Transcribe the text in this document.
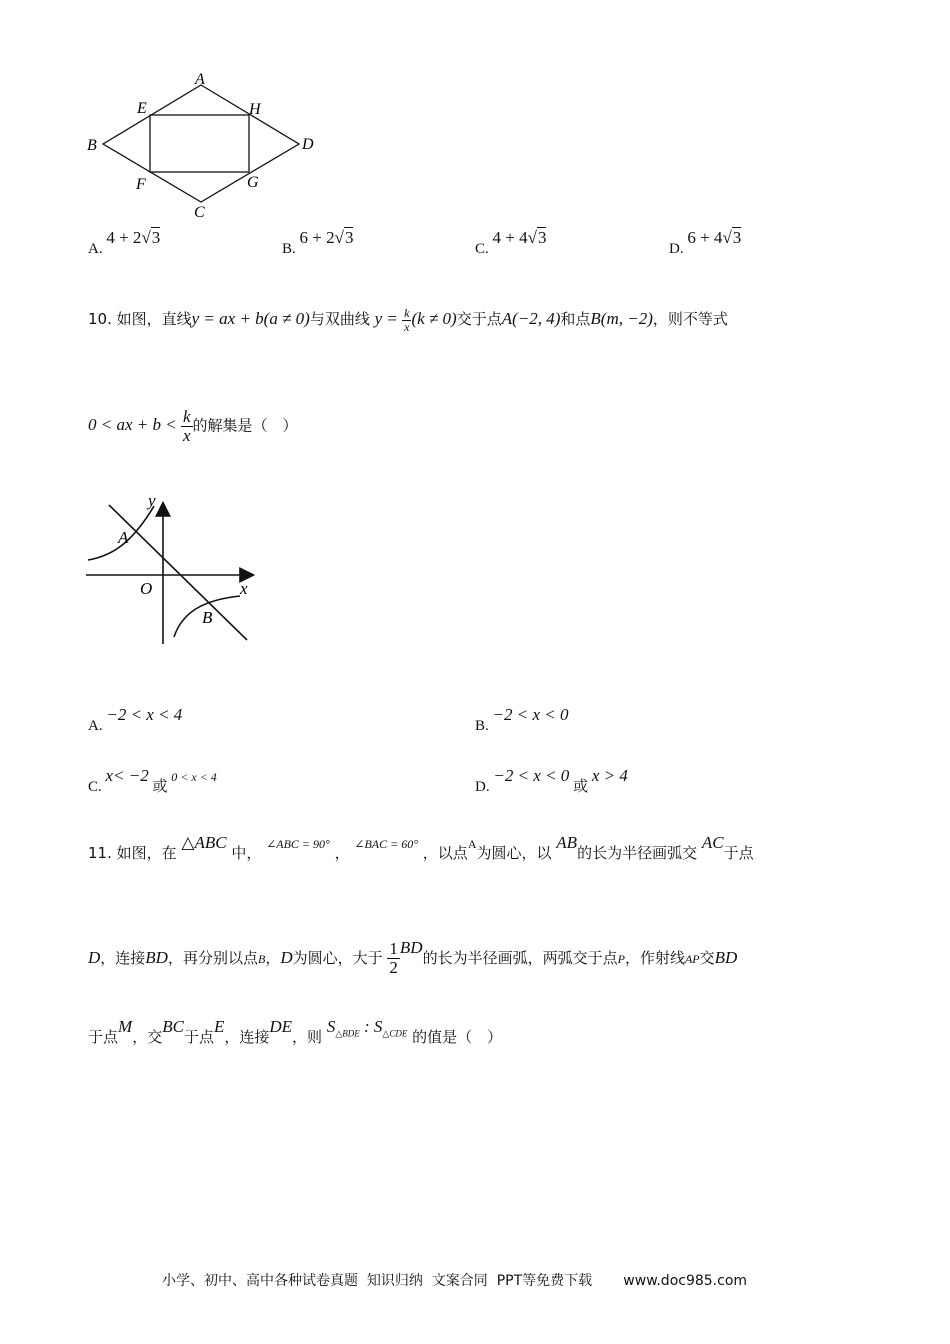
A
B
C
D
E
F	G
H
A. 4 + 2√3
B. 6 + 2√3
C. 4 + 4√3
D. 6 + 4√3
10. 如图，直线y = ax + b(a ≠ 0)与双曲线 $y = \frac{k}{x} (k \ne 0)$交于点A(−2, 4)和点B(m, −2)，则不等式
0 < ax + $b < \frac{k}{x}$ 的解集是（　）
y
x
O
A
B
A. −2 < x < 4
B. −2 < x < 0
C. x< −2 或 $^{0 < x < 4}$
D. −2 < x < 0 或 x > 4
11. 如图，在 △ABC 中， $^{\angle ABC = 90^\circ}$ ， $^{\angle BAC = 60^\circ}$ ，以点$^A$为圆心，以 AB的长为半径画弧交 AC于点
D，连接BD，再分别以点B，D为圆心，大于 $\frac{1}{2}$ BD的长为半径画弧，两弧交于点P，作射线AP交BD
于点M，交BC于点E，连接DE，则 $S_{\triangle BDE}$ : $S_{\triangle CDE}$ 的值是（　）
小学、初中、高中各种试卷真题  知识归纳  文案合同  PPT等免费下载       www.doc985.com
